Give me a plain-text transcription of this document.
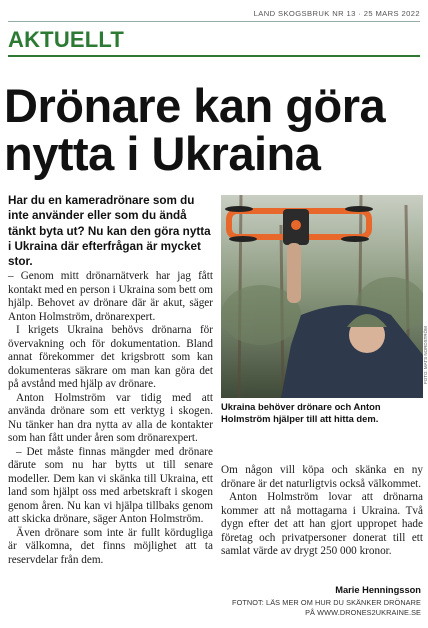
LAND SKOGSBRUK NR 13 · 25 MARS 2022
AKTUELLT
Drönare kan göra nytta i Ukraina
Har du en kameradrönare som du inte använder eller som du ändå tänkt byta ut? Nu kan den göra nytta i Ukraina där efterfrågan är mycket stor.

– Genom mitt drönarnätverk har jag fått kontakt med en person i Ukraina som bett om hjälp. Behovet av drönare där är akut, säger Anton Holmström, drönarexpert.

I krigets Ukraina behövs drönarna för övervakning och för dokumentation. Bland annat förekommer det krigsbrott som kan dokumenteras säkrare om man kan göra det på avstånd med hjälp av drönare.

Anton Holmström var tidig med att använda drönare som ett verktyg i skogen. Nu tänker han dra nytta av alla de kontakter som han fått under åren som drönarexpert.

– Det måste finnas mängder med drönare därute som nu har bytts ut till senare modeller. Dem kan vi skänka till Ukraina, ett land som hjälpt oss med arbetskraft i skogen genom åren. Nu kan vi hjälpa tillbaks genom att skicka drönare, säger Anton Holmström.

Även drönare som inte är fullt kördugliga är välkomna, det finns möjlighet att ta reservdelar från dem.

FOTO: MATS NORDSTRÖM
Ukraina behöver drönare och Anton Holmström hjälper till att hitta dem.

Om någon vill köpa och skänka en ny drönare är det naturligtvis också välkommet.

Anton Holmström lovar att drönarna kommer att nå mottagarna i Ukraina. Två dygn efter det att han gjort uppropet hade företag och privatpersoner donerat till ett samlat värde av drygt 250 000 kronor.

Marie Henningsson
FOTNOT: LÄS MER OM HUR DU SKÄNKER DRÖNARE
PÅ WWW.DRONES2UKRAINE.SE
